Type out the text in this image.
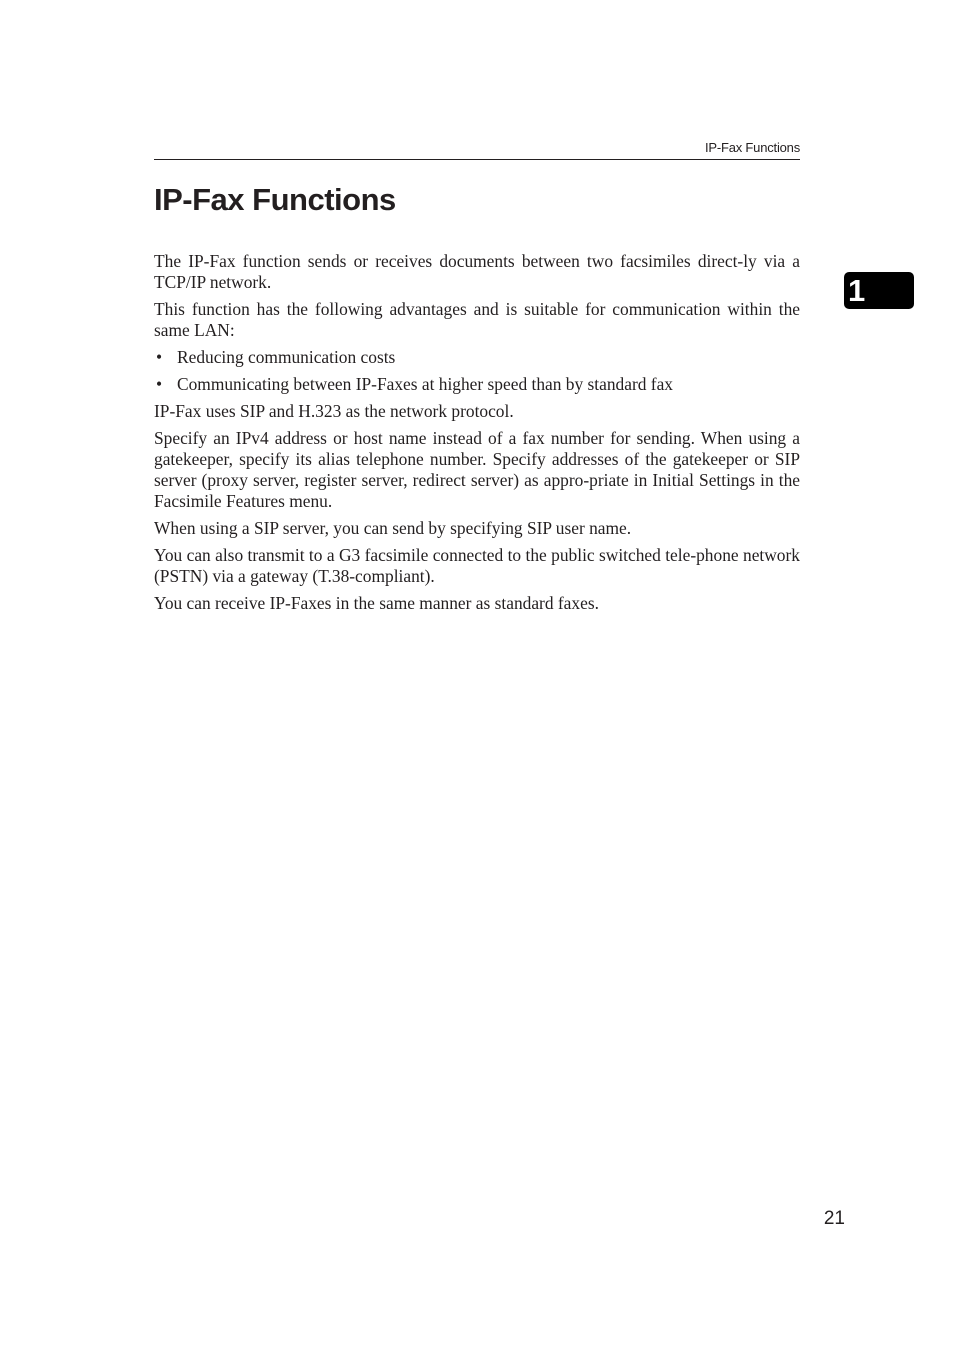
IP-Fax Functions
IP-Fax Functions
1

The IP-Fax function sends or receives documents between two facsimiles direct-ly via a TCP/IP network.

This function has the following advantages and is suitable for communication within the same LAN:

• Reducing communication costs
• Communicating between IP-Faxes at higher speed than by standard fax

IP-Fax uses SIP and H.323 as the network protocol.

Specify an IPv4 address or host name instead of a fax number for sending. When using a gatekeeper, specify its alias telephone number. Specify addresses of the gatekeeper or SIP server (proxy server, register server, redirect server) as appro-priate in Initial Settings in the Facsimile Features menu.

When using a SIP server, you can send by specifying SIP user name.

You can also transmit to a G3 facsimile connected to the public switched tele-phone network (PSTN) via a gateway (T.38-compliant).

You can receive IP-Faxes in the same manner as standard faxes.

21
